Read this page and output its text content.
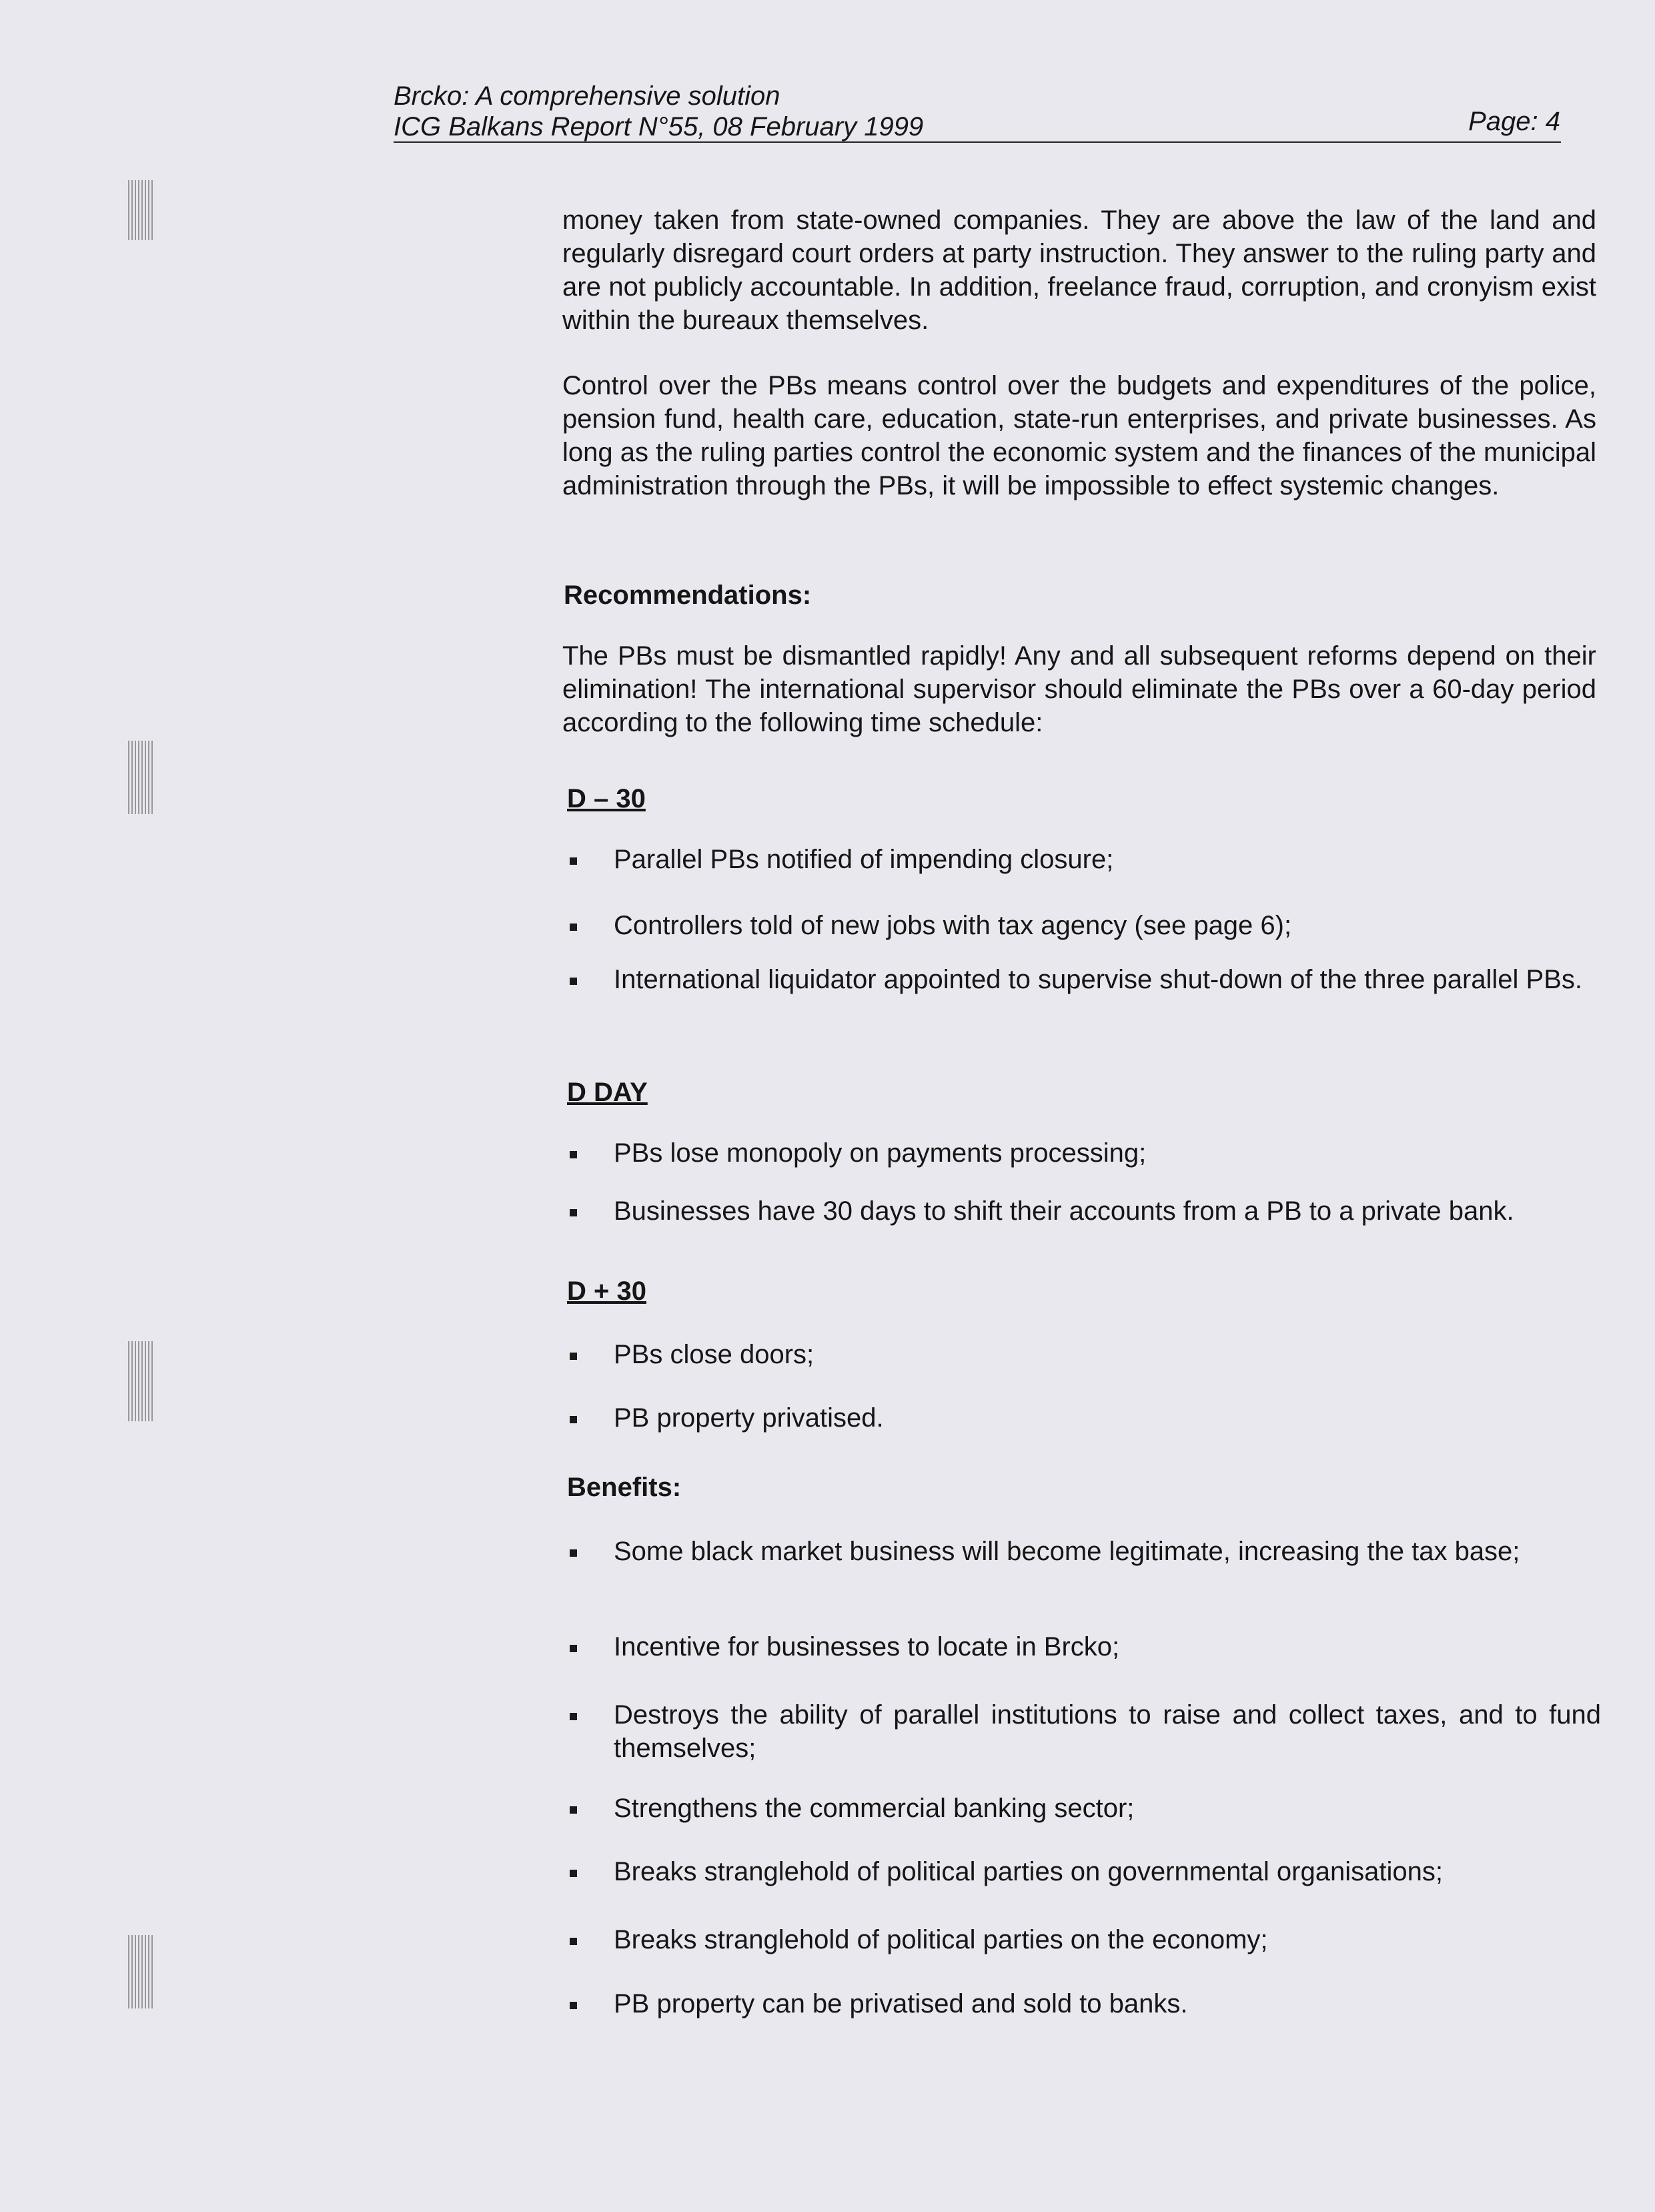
Brcko: A comprehensive solution
ICG Balkans Report N°55, 08 February 1999	Page: 4

money taken from state-owned companies. They are above the law of the land and regularly disregard court orders at party instruction. They answer to the ruling party and are not publicly accountable. In addition, freelance fraud, corruption, and cronyism exist within the bureaux themselves.

Control over the PBs means control over the budgets and expenditures of the police, pension fund, health care, education, state-run enterprises, and private businesses. As long as the ruling parties control the economic system and the finances of the municipal administration through the PBs, it will be impossible to effect systemic changes.

Recommendations:

The PBs must be dismantled rapidly! Any and all subsequent reforms depend on their elimination! The international supervisor should eliminate the PBs over a 60-day period according to the following time schedule:

D – 30
Parallel PBs notified of impending closure;
Controllers told of new jobs with tax agency (see page 6);
International liquidator appointed to supervise shut-down of the three parallel PBs.
D DAY
PBs lose monopoly on payments processing;
Businesses have 30 days to shift their accounts from a PB to a private bank.
D + 30
PBs close doors;
PB property privatised.
Benefits:
Some black market business will become legitimate, increasing the tax base;
Incentive for businesses to locate in Brcko;
Destroys the ability of parallel institutions to raise and collect taxes, and to fund themselves;
Strengthens the commercial banking sector;
Breaks stranglehold of political parties on governmental organisations;
Breaks stranglehold of political parties on the economy;
PB property can be privatised and sold to banks.
